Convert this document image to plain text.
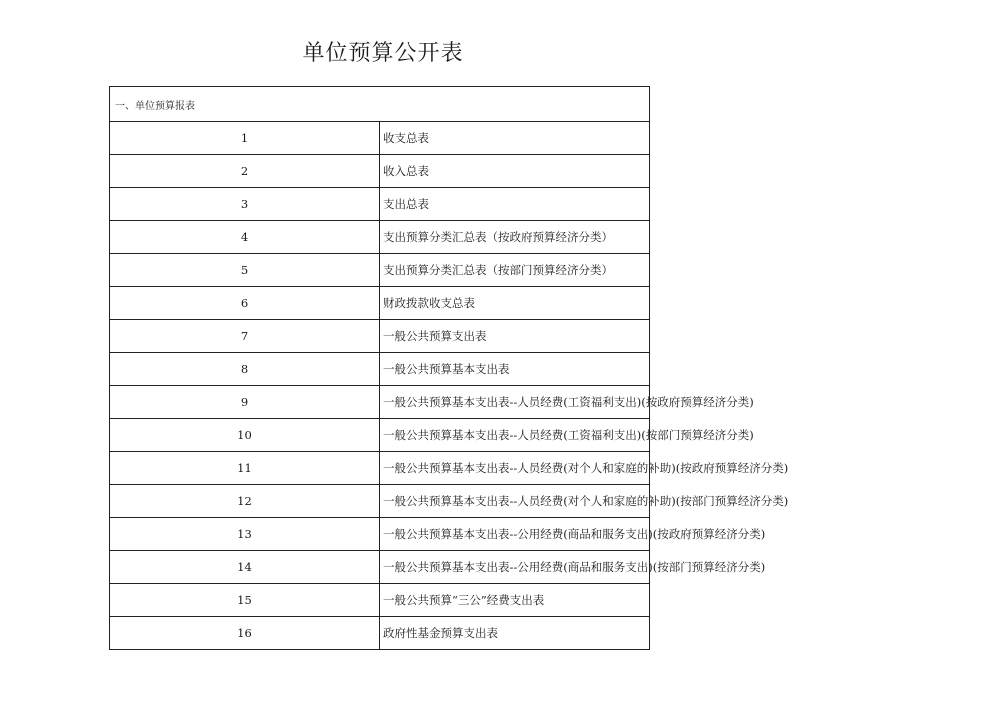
单位预算公开表
一、单位预算报表	
1	收支总表
2	收入总表
3	支出总表
4	支出预算分类汇总表（按政府预算经济分类）
5	支出预算分类汇总表（按部门预算经济分类）
6	财政拨款收支总表
7	一般公共预算支出表
8	一般公共预算基本支出表
9	一般公共预算基本支出表--人员经费(工资福利支出)(按政府预算经济分类)
10	一般公共预算基本支出表--人员经费(工资福利支出)(按部门预算经济分类)
11	一般公共预算基本支出表--人员经费(对个人和家庭的补助)(按政府预算经济分类)
12	一般公共预算基本支出表--人员经费(对个人和家庭的补助)(按部门预算经济分类)
13	一般公共预算基本支出表--公用经费(商品和服务支出)(按政府预算经济分类)
14	一般公共预算基本支出表--公用经费(商品和服务支出)(按部门预算经济分类)
15	一般公共预算“三公”经费支出表
16	政府性基金预算支出表
